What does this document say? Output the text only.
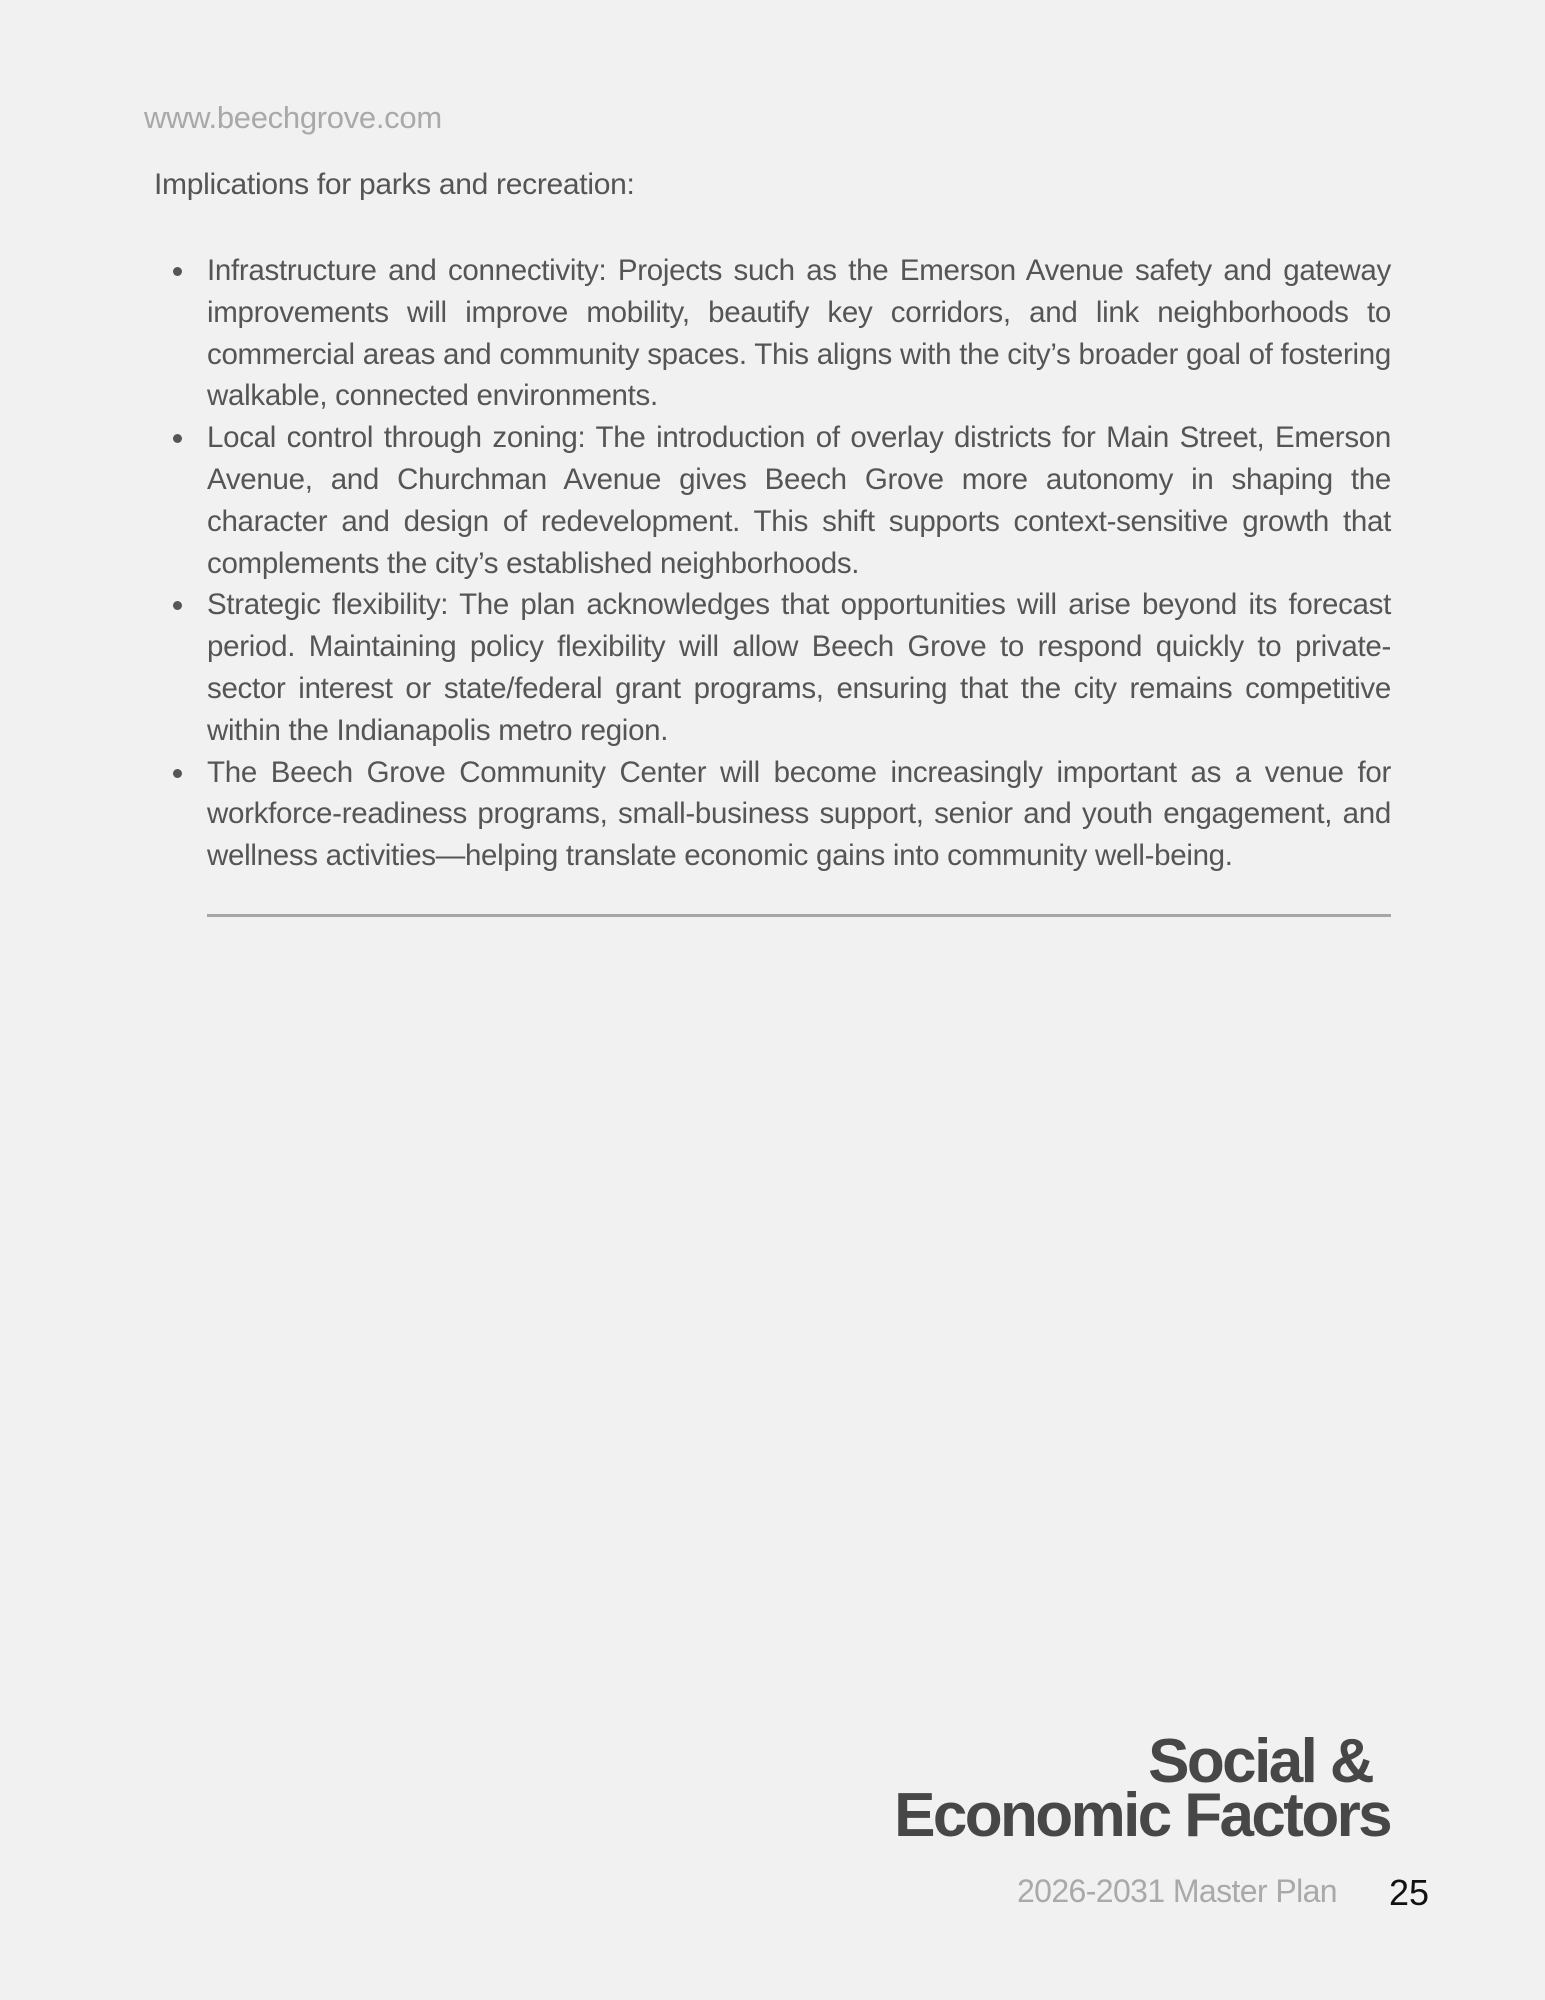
www.beechgrove.com
Implications for parks and recreation:
Infrastructure and connectivity: Projects such as the Emerson Avenue safety and gateway improvements will improve mobility, beautify key corridors, and link neighborhoods to commercial areas and community spaces. This aligns with the city’s broader goal of fostering walkable, connected environments.
Local control through zoning: The introduction of overlay districts for Main Street, Emerson Avenue, and Churchman Avenue gives Beech Grove more autonomy in shaping the character and design of redevelopment. This shift supports context-sensitive growth that complements the city’s established neighborhoods.
Strategic flexibility: The plan acknowledges that opportunities will arise beyond its forecast period. Maintaining policy flexibility will allow Beech Grove to respond quickly to private-sector interest or state/federal grant programs, ensuring that the city remains competitive within the Indianapolis metro region.
The Beech Grove Community Center will become increasingly important as a venue for workforce-readiness programs, small-business support, senior and youth engagement, and wellness activities—helping translate economic gains into community well-being.
Social &
Economic Factors
2026-2031 Master Plan 25
